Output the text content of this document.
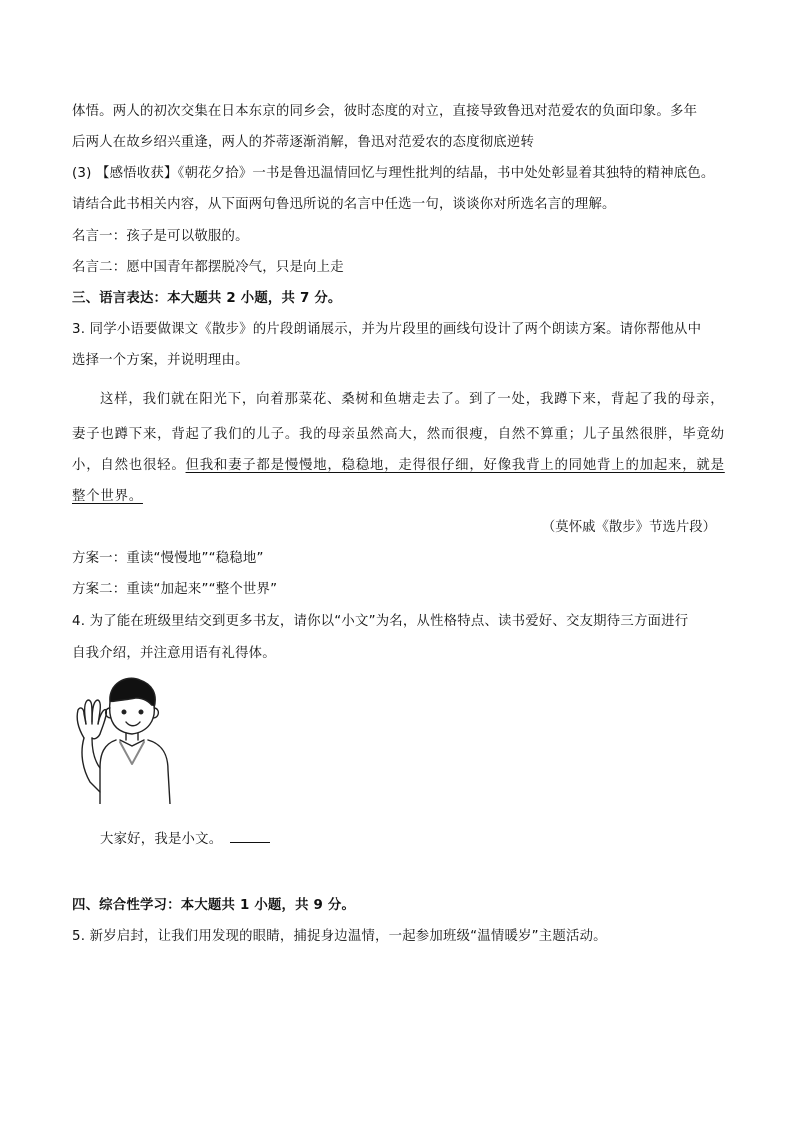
体悟。两人的初次交集在日本东京的同乡会，彼时态度的对立，直接导致鲁迅对范爱农的负面印象。多年
后两人在故乡绍兴重逢，两人的芥蒂逐渐消解，鲁迅对范爱农的态度彻底逆转
(3) 【感悟收获】《朝花夕拾》一书是鲁迅温情回忆与理性批判的结晶，书中处处彰显着其独特的精神底色。
请结合此书相关内容，从下面两句鲁迅所说的名言中任选一句，谈谈你对所选名言的理解。
名言一：孩子是可以敬服的。
名言二：愿中国青年都摆脱冷气，只是向上走
三、语言表达：本大题共 2 小题，共 7 分。
3. 同学小语要做课文《散步》的片段朗诵展示，并为片段里的画线句设计了两个朗读方案。请你帮他从中
选择一个方案，并说明理由。
这样，我们就在阳光下，向着那菜花、桑树和鱼塘走去了。到了一处，我蹲下来，背起了我的母亲，
妻子也蹲下来，背起了我们的儿子。我的母亲虽然高大，然而很瘦，自然不算重；儿子虽然很胖，毕竟幼
小，自然也很轻。但我和妻子都是慢慢地，稳稳地，走得很仔细，好像我背上的同她背上的加起来，就是
整个世界。
（莫怀戚《散步》节选片段）
方案一：重读“慢慢地”“稳稳地”
方案二：重读“加起来”“整个世界”
4. 为了能在班级里结交到更多书友，请你以“小文”为名，从性格特点、读书爱好、交友期待三方面进行
自我介绍，并注意用语有礼得体。
大家好，我是小文。
四、综合性学习：本大题共 1 小题，共 9 分。
5. 新岁启封，让我们用发现的眼睛，捕捉身边温情，一起参加班级“温情暖岁”主题活动。
